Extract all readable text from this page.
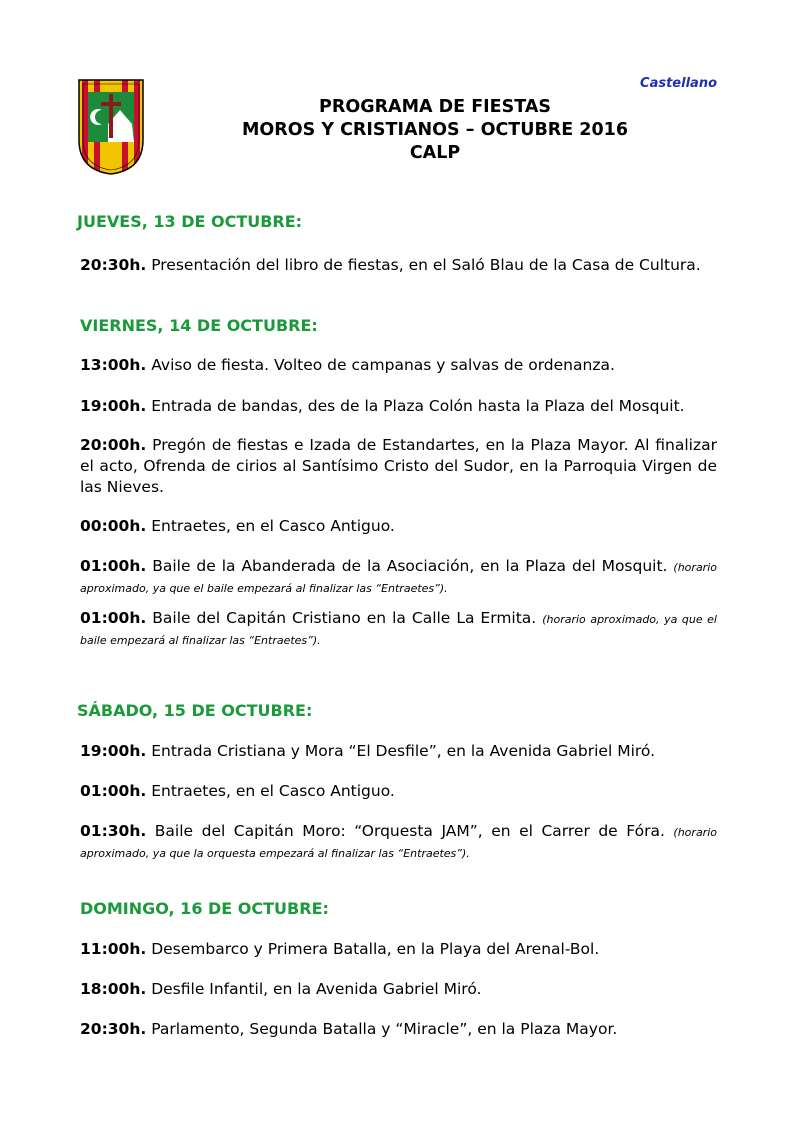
Castellano
PROGRAMA DE FIESTAS
MOROS Y CRISTIANOS – OCTUBRE 2016
CALP
JUEVES, 13 DE OCTUBRE:
20:30h. Presentación del libro de fiestas, en el Saló Blau de la Casa de Cultura.
VIERNES, 14 DE OCTUBRE:
13:00h. Aviso de fiesta. Volteo de campanas y salvas de ordenanza.
19:00h. Entrada de bandas, des de la Plaza Colón hasta la Plaza del Mosquit.
20:00h. Pregón de fiestas e Izada de Estandartes, en la Plaza Mayor. Al finalizar el acto, Ofrenda de cirios al Santísimo Cristo del Sudor, en la Parroquia Virgen de las Nieves.
00:00h. Entraetes, en el Casco Antiguo.
01:00h. Baile de la Abanderada de la Asociación, en la Plaza del Mosquit. (horario aproximado, ya que el baile empezará al finalizar las “Entraetes”).
01:00h. Baile del Capitán Cristiano en la Calle La Ermita. (horario aproximado, ya que el baile empezará al finalizar las “Entraetes”).
SÁBADO, 15 DE OCTUBRE:
19:00h. Entrada Cristiana y Mora “El Desfile”, en la Avenida Gabriel Miró.
01:00h. Entraetes, en el Casco Antiguo.
01:30h. Baile del Capitán Moro: “Orquesta JAM”, en el Carrer de Fóra. (horario aproximado, ya que la orquesta empezará al finalizar las “Entraetes”).
DOMINGO, 16 DE OCTUBRE:
11:00h. Desembarco y Primera Batalla, en la Playa del Arenal-Bol.
18:00h. Desfile Infantil, en la Avenida Gabriel Miró.
20:30h. Parlamento, Segunda Batalla y “Miracle”, en la Plaza Mayor.
